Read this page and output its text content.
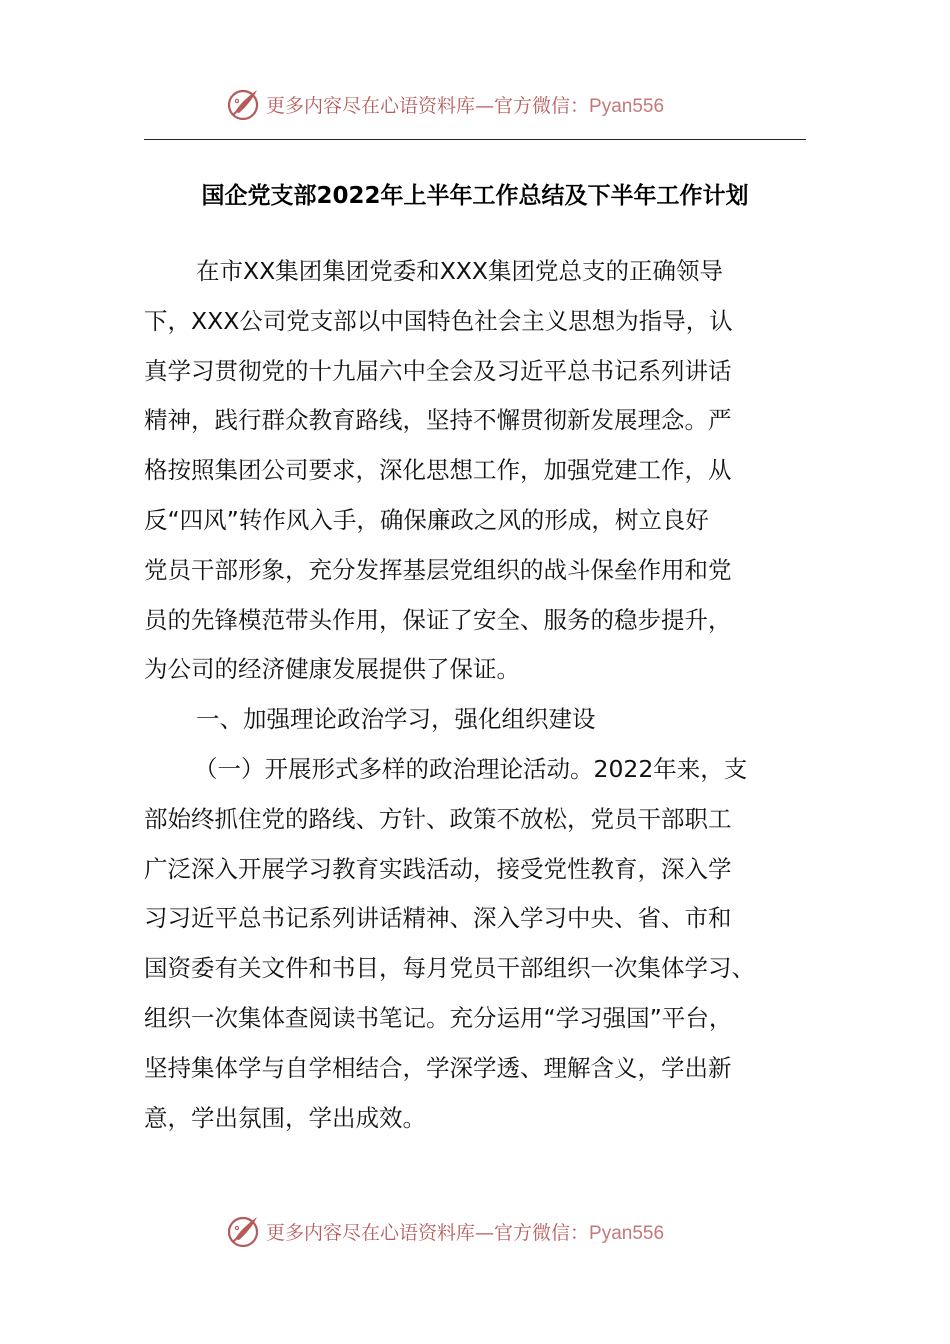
更多内容尽在心语资料库—官方微信：Pyan556
国企党支部2022年上半年工作总结及下半年工作计划
在市XX集团集团党委和XXX集团党总支的正确领导
下，XXX公司党支部以中国特色社会主义思想为指导，认
真学习贯彻党的十九届六中全会及习近平总书记系列讲话
精神，践行群众教育路线，坚持不懈贯彻新发展理念。严
格按照集团公司要求，深化思想工作，加强党建工作，从
反“四风”转作风入手，确保廉政之风的形成，树立良好
党员干部形象，充分发挥基层党组织的战斗保垒作用和党
员的先锋模范带头作用，保证了安全、服务的稳步提升，
为公司的经济健康发展提供了保证。
一、加强理论政治学习，强化组织建设
（一）开展形式多样的政治理论活动。2022年来，支
部始终抓住党的路线、方针、政策不放松，党员干部职工
广泛深入开展学习教育实践活动，接受党性教育，深入学
习习近平总书记系列讲话精神、深入学习中央、省、市和
国资委有关文件和书目，每月党员干部组织一次集体学习、
组织一次集体查阅读书笔记。充分运用“学习强国”平台，
坚持集体学与自学相结合，学深学透、理解含义，学出新
意，学出氛围，学出成效。
更多内容尽在心语资料库—官方微信：Pyan556
